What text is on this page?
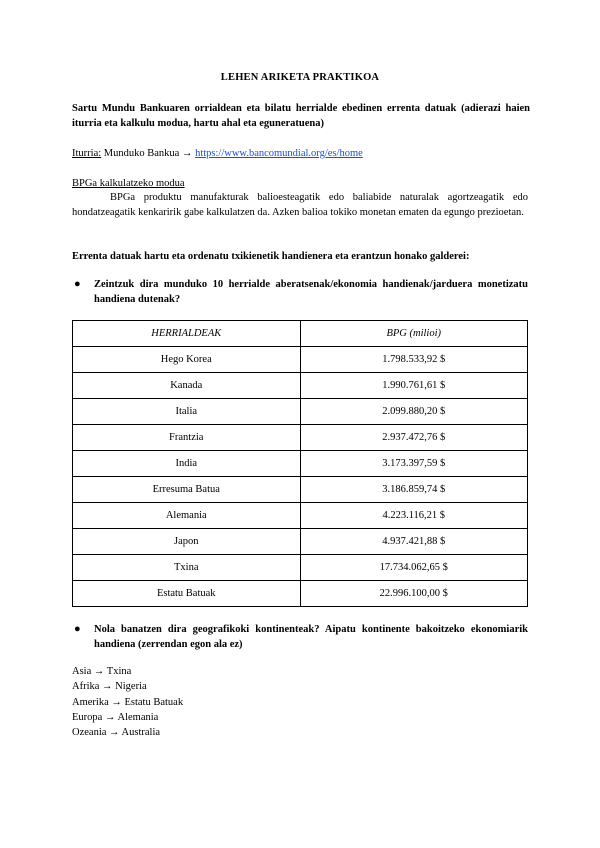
LEHEN ARIKETA PRAKTIKOA
Sartu Mundu Bankuaren orrialdean eta bilatu herrialde ebedinen errenta datuak (adierazi haien iturria eta kalkulu modua, hartu ahal eta eguneratuena)
Iturria: Munduko Bankua → https://www.bancomundial.org/es/home
BPGa kalkulatzeko modua
BPGa produktu manufakturak balioesteagatik edo baliabide naturalak agortzeagatik edo hondatzeagatik kenkaririk gabe kalkulatzen da. Azken balioa tokiko monetan ematen da egungo prezioetan.
Errenta datuak hartu eta ordenatu txikienetik handienera eta erantzun honako galderei:
● Zeintzuk dira munduko 10 herrialde aberatsenak/ekonomia handienak/jarduera monetizatu handiena dutenak?
HERRIALDEAK	BPG (milioi)
Hego Korea	1.798.533,92 $
Kanada	1.990.761,61 $
Italia	2.099.880,20 $
Frantzia	2.937.472,76 $
India	3.173.397,59 $
Erresuma Batua	3.186.859,74 $
Alemania	4.223.116,21 $
Japon	4.937.421,88 $
Txina	17.734.062,65 $
Estatu Batuak	22.996.100,00 $
● Nola banatzen dira geografikoki kontinenteak? Aipatu kontinente bakoitzeko ekonomiarik handiena (zerrendan egon ala ez)
Asia → Txina
Afrika → Nigeria
Amerika → Estatu Batuak
Europa → Alemania
Ozeania → Australia
